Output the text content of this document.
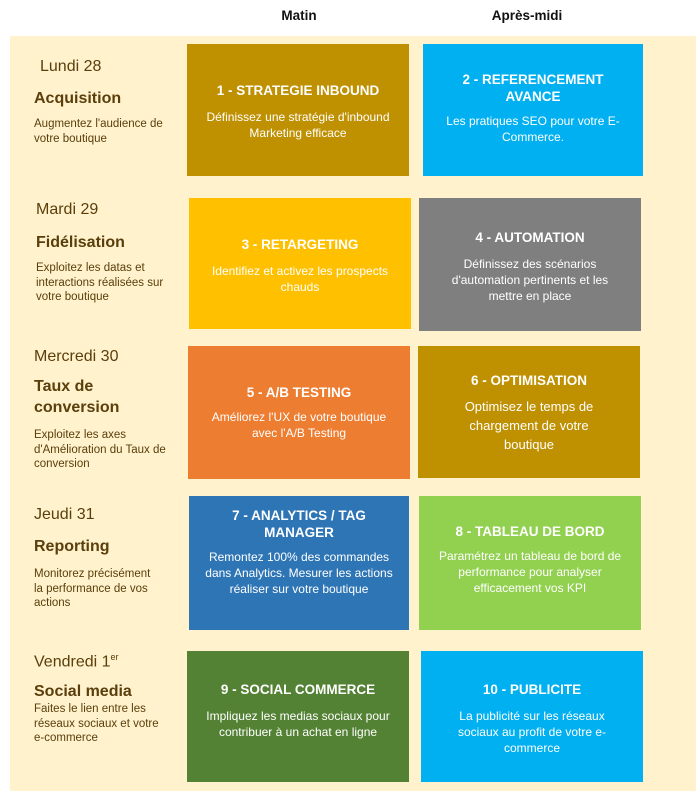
Matin	Après-midi
Lundi 28
Acquisition
Augmentez l'audience de votre boutique
Mardi 29
Fidélisation
Exploitez les datas et interactions réalisées sur votre boutique
Mercredi 30
Taux de conversion
Exploitez les axes d'Amélioration du Taux de conversion
Jeudi 31
Reporting
Monitorez précisément la performance de vos actions
Vendredi 1er
Social media
Faites le lien entre les réseaux sociaux et votre e-commerce
1 - STRATEGIE INBOUND
Définissez une stratégie d'inbound Marketing efficace
2 - REFERENCEMENT AVANCE
Les pratiques SEO pour votre E-Commerce.
3 - RETARGETING
Identifiez et activez les prospects chauds
4 - AUTOMATION
Définissez des scénarios d'automation pertinents et les mettre en place
5 - A/B TESTING
Améliorez l'UX de votre boutique avec l'A/B Testing
6 - OPTIMISATION
Optimisez le temps de chargement de votre boutique
7 - ANALYTICS / TAG MANAGER
Remontez 100% des commandes dans Analytics. Mesurer les actions réaliser sur votre boutique
8 - TABLEAU DE BORD
Paramétrez un tableau de bord de performance pour analyser efficacement vos KPI
9 - SOCIAL COMMERCE
Impliquez les medias sociaux pour contribuer à un achat en ligne
10 - PUBLICITE
La publicité sur les réseaux sociaux au profit de votre e-commerce
